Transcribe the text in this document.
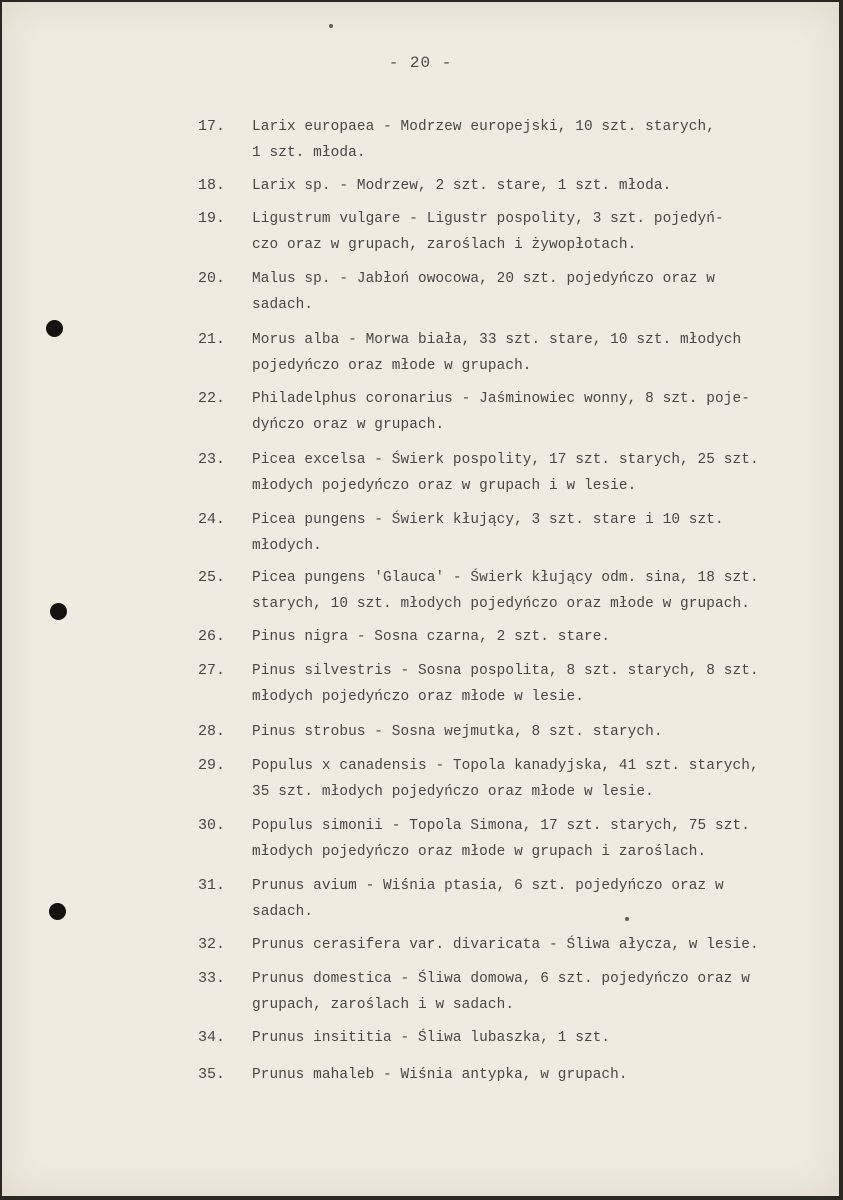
- 20 -
17.	Larix europaea - Modrzew europejski, 10 szt. starych,
1 szt. młoda.
18.	Larix sp. - Modrzew, 2 szt. stare, 1 szt. młoda.
19.	Ligustrum vulgare - Ligustr pospolity, 3 szt. pojedyń-
czo oraz w grupach, zaroślach i żywopłotach.
20.	Malus sp. - Jabłoń owocowa, 20 szt. pojedyńczo oraz w
sadach.
21.	Morus alba - Morwa biała, 33 szt. stare, 10 szt. młodych
pojedyńczo oraz młode w grupach.
22.	Philadelphus coronarius - Jaśminowiec wonny, 8 szt. poje-
dyńczo oraz w grupach.
23.	Picea excelsa - Świerk pospolity, 17 szt. starych, 25 szt.
młodych pojedyńczo oraz w grupach i w lesie.
24.	Picea pungens - Świerk kłujący, 3 szt. stare i 10 szt.
młodych.
25.	Picea pungens 'Glauca' - Świerk kłujący odm. sina, 18 szt.
starych, 10 szt. młodych pojedyńczo oraz młode w grupach.
26.	Pinus nigra - Sosna czarna, 2 szt. stare.
27.	Pinus silvestris - Sosna pospolita, 8 szt. starych, 8 szt.
młodych pojedyńczo oraz młode w lesie.
28.	Pinus strobus - Sosna wejmutka, 8 szt. starych.
29.	Populus x canadensis - Topola kanadyjska, 41 szt. starych,
35 szt. młodych pojedyńczo oraz młode w lesie.
30.	Populus simonii - Topola Simona, 17 szt. starych, 75 szt.
młodych pojedyńczo oraz młode w grupach i zaroślach.
31.	Prunus avium - Wiśnia ptasia, 6 szt. pojedyńczo oraz w
sadach.
32.	Prunus cerasifera var. divaricata - Śliwa ałycza, w lesie.
33.	Prunus domestica - Śliwa domowa, 6 szt. pojedyńczo oraz w
grupach, zaroślach i w sadach.
34.	Prunus insititia - Śliwa lubaszka, 1 szt.
35.	Prunus mahaleb - Wiśnia antypka, w grupach.
